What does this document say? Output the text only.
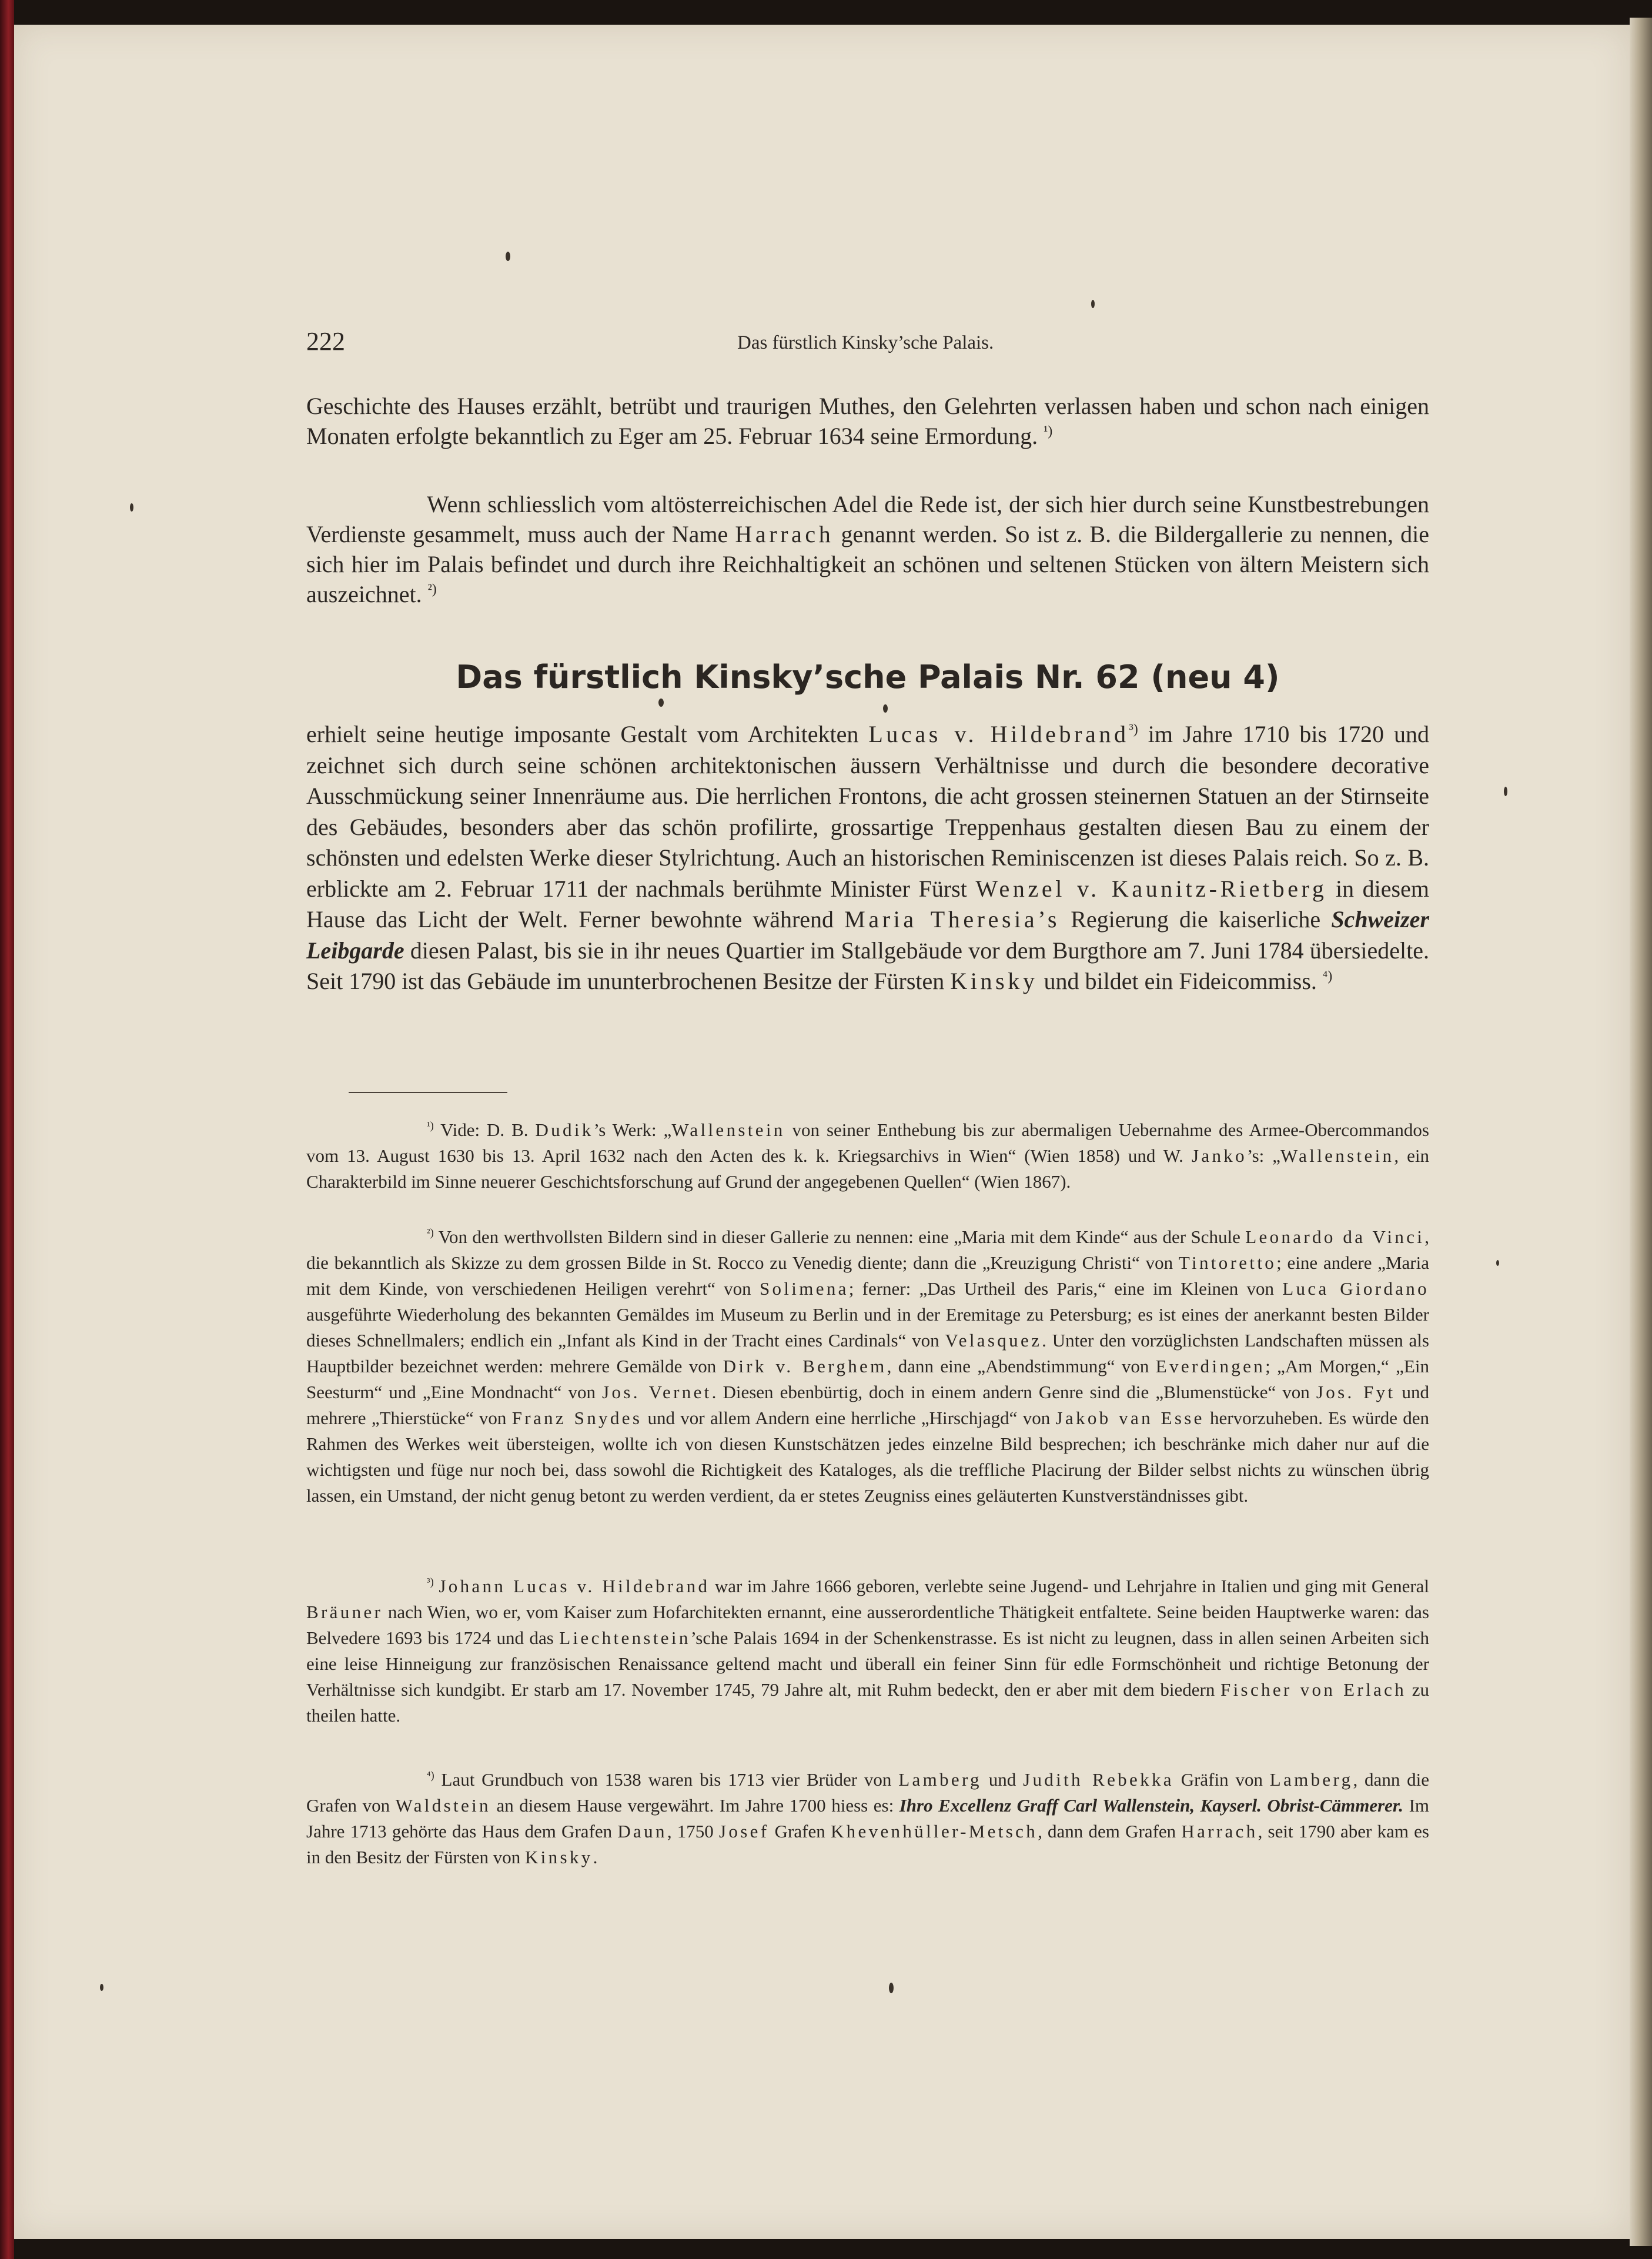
222	Das fürstlich Kinsky’sche Palais.

Geschichte des Hauses erzählt, betrübt und traurigen Muthes, den Gelehrten verlassen haben und schon nach einigen Monaten erfolgte bekanntlich zu Eger am 25. Februar 1634 seine Ermordung. $^{^1)}$

Wenn schliesslich vom altösterreichischen Adel die Rede ist, der sich hier durch seine Kunstbestrebungen Verdienste gesammelt, muss auch der Name Harrach genannt werden. So ist z. B. die Bildergallerie zu nennen, die sich hier im Palais befindet und durch ihre Reichhaltigkeit an schönen und seltenen Stücken von ältern Meistern sich auszeichnet. $^{^2)}$

Das fürstlich Kinsky’sche Palais Nr. 62 (neu 4)

erhielt seine heutige imposante Gestalt vom Architekten Lucas v. Hildebrand$^{^3)}$ im Jahre 1710 bis 1720 und zeichnet sich durch seine schönen architektonischen äussern Verhältnisse und durch die besondere decorative Ausschmückung seiner Innenräume aus. Die herrlichen Frontons, die acht grossen steinernen Statuen an der Stirnseite des Gebäudes, besonders aber das schön profilirte, grossartige Treppenhaus gestalten diesen Bau zu einem der schönsten und edelsten Werke dieser Stylrichtung. Auch an historischen Reminiscenzen ist dieses Palais reich. So z. B. erblickte am 2. Februar 1711 der nachmals berühmte Minister Fürst Wenzel v. Kaunitz-Rietberg in diesem Hause das Licht der Welt. Ferner bewohnte während Maria Theresia’s Regierung die kaiserliche Schweizer Leibgarde diesen Palast, bis sie in ihr neues Quartier im Stallgebäude vor dem Burgthore am 7. Juni 1784 übersiedelte. Seit 1790 ist das Gebäude im ununterbrochenen Besitze der Fürsten Kinsky und bildet ein Fideicommiss. $^{^4)}$

$^{^1)}$ Vide: D. B. Dudik’s Werk: „Wallenstein von seiner Enthebung bis zur abermaligen Uebernahme des Armee-Obercommandos vom 13. August 1630 bis 13. April 1632 nach den Acten des k. k. Kriegsarchivs in Wien“ (Wien 1858) und W. Janko’s: „Wallenstein, ein Charakterbild im Sinne neuerer Geschichtsforschung auf Grund der angegebenen Quellen“ (Wien 1867).

$^{^2)}$ Von den werthvollsten Bildern sind in dieser Gallerie zu nennen: eine „Maria mit dem Kinde“ aus der Schule Leonardo da Vinci, die bekanntlich als Skizze zu dem grossen Bilde in St. Rocco zu Venedig diente; dann die „Kreuzigung Christi“ von Tintoretto; eine andere „Maria mit dem Kinde, von verschiedenen Heiligen verehrt“ von Solimena; ferner: „Das Urtheil des Paris,“ eine im Kleinen von Luca Giordano ausgeführte Wiederholung des bekannten Gemäldes im Museum zu Berlin und in der Eremitage zu Petersburg; es ist eines der anerkannt besten Bilder dieses Schnellmalers; endlich ein „Infant als Kind in der Tracht eines Cardinals“ von Velasquez. Unter den vorzüglichsten Landschaften müssen als Hauptbilder bezeichnet werden: mehrere Gemälde von Dirk v. Berghem, dann eine „Abendstimmung“ von Everdingen; „Am Morgen,“ „Ein Seesturm“ und „Eine Mondnacht“ von Jos. Vernet. Diesen ebenbürtig, doch in einem andern Genre sind die „Blumenstücke“ von Jos. Fyt und mehrere „Thierstücke“ von Franz Snydes und vor allem Andern eine herrliche „Hirschjagd“ von Jakob van Esse hervorzuheben. Es würde den Rahmen des Werkes weit übersteigen, wollte ich von diesen Kunstschätzen jedes einzelne Bild besprechen; ich beschränke mich daher nur auf die wichtigsten und füge nur noch bei, dass sowohl die Richtigkeit des Kataloges, als die treffliche Placirung der Bilder selbst nichts zu wünschen übrig lassen, ein Umstand, der nicht genug betont zu werden verdient, da er stetes Zeugniss eines geläuterten Kunstverständnisses gibt.

$^{^3)}$ Johann Lucas v. Hildebrand war im Jahre 1666 geboren, verlebte seine Jugend- und Lehrjahre in Italien und ging mit General Bräuner nach Wien, wo er, vom Kaiser zum Hofarchitekten ernannt, eine ausserordentliche Thätigkeit entfaltete. Seine beiden Hauptwerke waren: das Belvedere 1693 bis 1724 und das Liechtenstein’sche Palais 1694 in der Schenkenstrasse. Es ist nicht zu leugnen, dass in allen seinen Arbeiten sich eine leise Hinneigung zur französischen Renaissance geltend macht und überall ein feiner Sinn für edle Formschönheit und richtige Betonung der Verhältnisse sich kundgibt. Er starb am 17. November 1745, 79 Jahre alt, mit Ruhm bedeckt, den er aber mit dem biedern Fischer von Erlach zu theilen hatte.

$^{^4)}$ Laut Grundbuch von 1538 waren bis 1713 vier Brüder von Lamberg und Judith Rebekka Gräfin von Lamberg, dann die Grafen von Waldstein an diesem Hause vergewährt. Im Jahre 1700 hiess es: Ihro Excellenz Graff Carl Wallenstein, Kayserl. Obrist-Cämmerer. Im Jahre 1713 gehörte das Haus dem Grafen Daun, 1750 Josef Grafen Khevenhüller-Metsch, dann dem Grafen Harrach, seit 1790 aber kam es in den Besitz der Fürsten von Kinsky.
